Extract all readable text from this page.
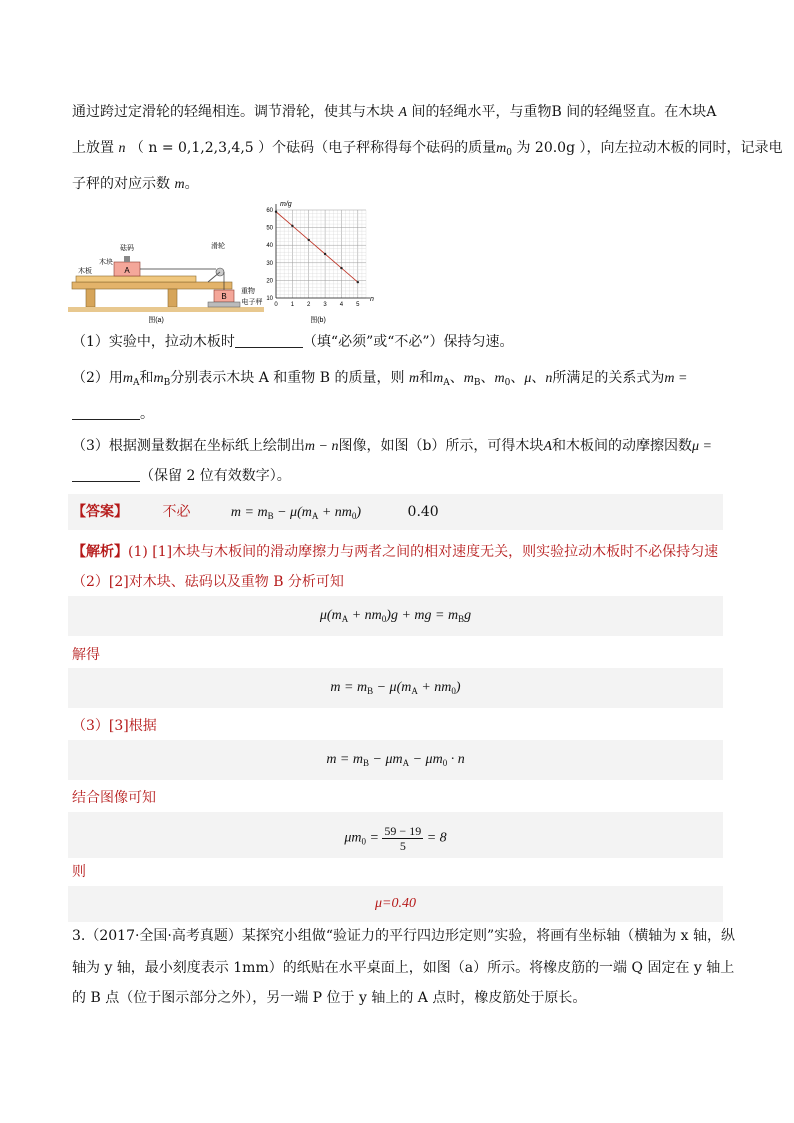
通过跨过定滑轮的轻绳相连。调节滑轮，使其与木块 A 间的轻绳水平，与重物B 间的轻绳竖直。在木块A
上放置 n （ n = 0,1,2,3,4,5 ）个砝码（电子秤称得每个砝码的质量$m_0$ 为 20.0g ），向左拉动木板的同时，记录电
子秤的对应示数 m。
A
砝码	滑轮
B
重物
电子秤
木块
木板
图(a)
0 1 2 3 4 5
10
20
30
40
50
60
m/g
n
图(b)
（1）实验中，拉动木板时	（填“必须”或“不必”）保持匀速。
（2）用$m_A$和$m_B$分别表示木块 A 和重物 B 的质量，则 m和$m_A$、$m_B$、$m_0$、μ、n所满足的关系式为m =
。
（3）根据测量数据在坐标纸上绘制出m − n图像，如图（b）所示，可得木块A和木板间的动摩擦因数μ =
（保留 2 位有效数字）。
【答案】 不必	$m = m_B - \mu(m_A + nm_0)$	0.40
【解析】(1) [1]木块与木板间的滑动摩擦力与两者之间的相对速度无关，则实验拉动木板时不必保持匀速
（2）[2]对木块、砝码以及重物 B 分析可知
$\mu(m_A + nm_0)g$ + mg = $m_Bg$
解得
$m = m_B - \mu(m_A + nm_0)$
（3）[3]根据
$m = m_B - \mu m_A - \mu m_0 \cdot n$
结合图像可知
$\mu m_0 = \frac{59 - 19}{5} = 8$
则
μ=0.40
3.（2017·全国·高考真题）某探究小组做“验证力的平行四边形定则”实验，将画有坐标轴（横轴为 x 轴，纵
轴为 y 轴，最小刻度表示 1mm）的纸贴在水平桌面上，如图（a）所示。将橡皮筋的一端 Q 固定在 y 轴上
的 B 点（位于图示部分之外），另一端 P 位于 y 轴上的 A 点时，橡皮筋处于原长。
